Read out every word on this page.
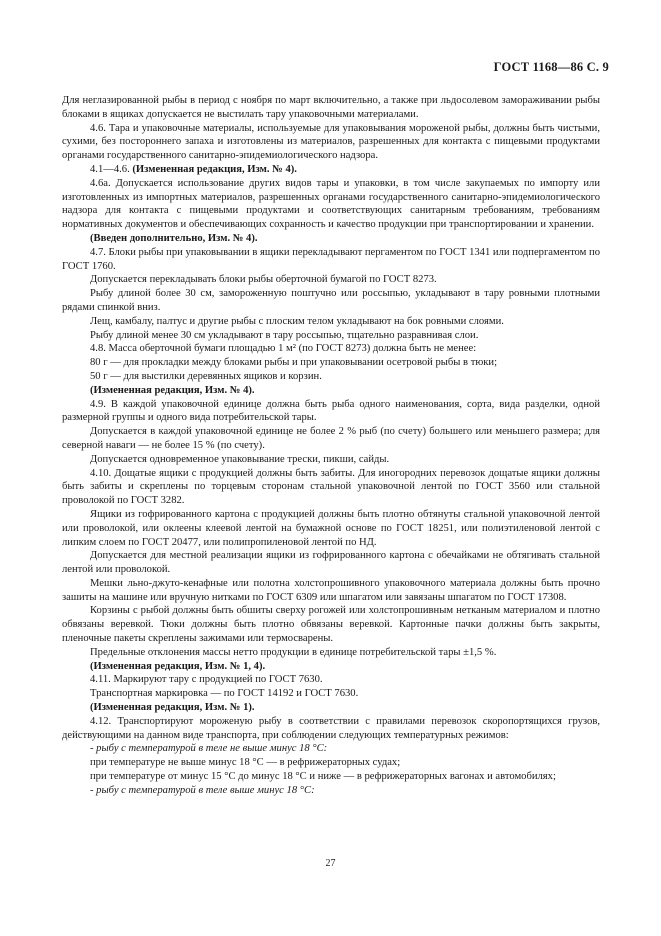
ГОСТ 1168—86 С. 9

Для неглазированной рыбы в период с ноября по март включительно, а также при льдосолевом замораживании рыбы блоками в ящиках допускается не выстилать тару упаковочными материалами.

4.6. Тара и упаковочные материалы, используемые для упаковывания мороженой рыбы, должны быть чистыми, сухими, без постороннего запаха и изготовлены из материалов, разрешенных для контакта с пищевыми продуктами органами государственного санитарно-эпидемиологического надзора.

4.1—4.6. (Измененная редакция, Изм. № 4).

4.6а. Допускается использование других видов тары и упаковки, в том числе закупаемых по импорту или изготовленных из импортных материалов, разрешенных органами государственного санитарно-эпидемиологического надзора для контакта с пищевыми продуктами и соответствующих санитарным требованиям, требованиям нормативных документов и обеспечивающих сохранность и качество продукции при транспортировании и хранении.

(Введен дополнительно, Изм. № 4).

4.7. Блоки рыбы при упаковывании в ящики перекладывают пергаментом по ГОСТ 1341 или подпергаментом по ГОСТ 1760.

Допускается перекладывать блоки рыбы оберточной бумагой по ГОСТ 8273.

Рыбу длиной более 30 см, замороженную поштучно или россыпью, укладывают в тару ровными плотными рядами спинкой вниз.

Лещ, камбалу, палтус и другие рыбы с плоским телом укладывают на бок ровными слоями.

Рыбу длиной менее 30 см укладывают в тару россыпью, тщательно разравнивая слои.

4.8. Масса оберточной бумаги площадью 1 м² (по ГОСТ 8273) должна быть не менее:

80 г — для прокладки между блоками рыбы и при упаковывании осетровой рыбы в тюки;

50 г — для выстилки деревянных ящиков и корзин.

(Измененная редакция, Изм. № 4).

4.9. В каждой упаковочной единице должна быть рыба одного наименования, сорта, вида разделки, одной размерной группы и одного вида потребительской тары.

Допускается в каждой упаковочной единице не более 2 % рыб (по счету) большего или меньшего размера; для северной наваги — не более 15 % (по счету).

Допускается одновременное упаковывание трески, пикши, сайды.

4.10. Дощатые ящики с продукцией должны быть забиты. Для иногородних перевозок дощатые ящики должны быть забиты и скреплены по торцевым сторонам стальной упаковочной лентой по ГОСТ 3560 или стальной проволокой по ГОСТ 3282.

Ящики из гофрированного картона с продукцией должны быть плотно обтянуты стальной упаковочной лентой или проволокой, или оклеены клеевой лентой на бумажной основе по ГОСТ 18251, или полиэтиленовой лентой с липким слоем по ГОСТ 20477, или полипропиленовой лентой по НД.

Допускается для местной реализации ящики из гофрированного картона с обечайками не обтягивать стальной лентой или проволокой.

Мешки льно-джуто-кенафные или полотна холстопрошивного упаковочного материала должны быть прочно зашиты на машине или вручную нитками по ГОСТ 6309 или шпагатом или завязаны шпагатом по ГОСТ 17308.

Корзины с рыбой должны быть обшиты сверху рогожей или холстопрошивным нетканым материалом и плотно обвязаны веревкой. Тюки должны быть плотно обвязаны веревкой. Картонные пачки должны быть закрыты, пленочные пакеты скреплены зажимами или термосварены.

Предельные отклонения массы нетто продукции в единице потребительской тары ±1,5 %.

(Измененная редакция, Изм. № 1, 4).

4.11. Маркируют тару с продукцией по ГОСТ 7630.

Транспортная маркировка — по ГОСТ 14192 и ГОСТ 7630.

(Измененная редакция, Изм. № 1).

4.12. Транспортируют мороженую рыбу в соответствии с правилами перевозок скоропортящихся грузов, действующими на данном виде транспорта, при соблюдении следующих температурных режимов:

- рыбу с температурой в теле не выше минус 18 °С:

при температуре не выше минус 18 °С — в рефрижераторных судах;

при температуре от минус 15 °С до минус 18 °С и ниже — в рефрижераторных вагонах и автомобилях;

- рыбу с температурой в теле выше минус 18 °С:

27
